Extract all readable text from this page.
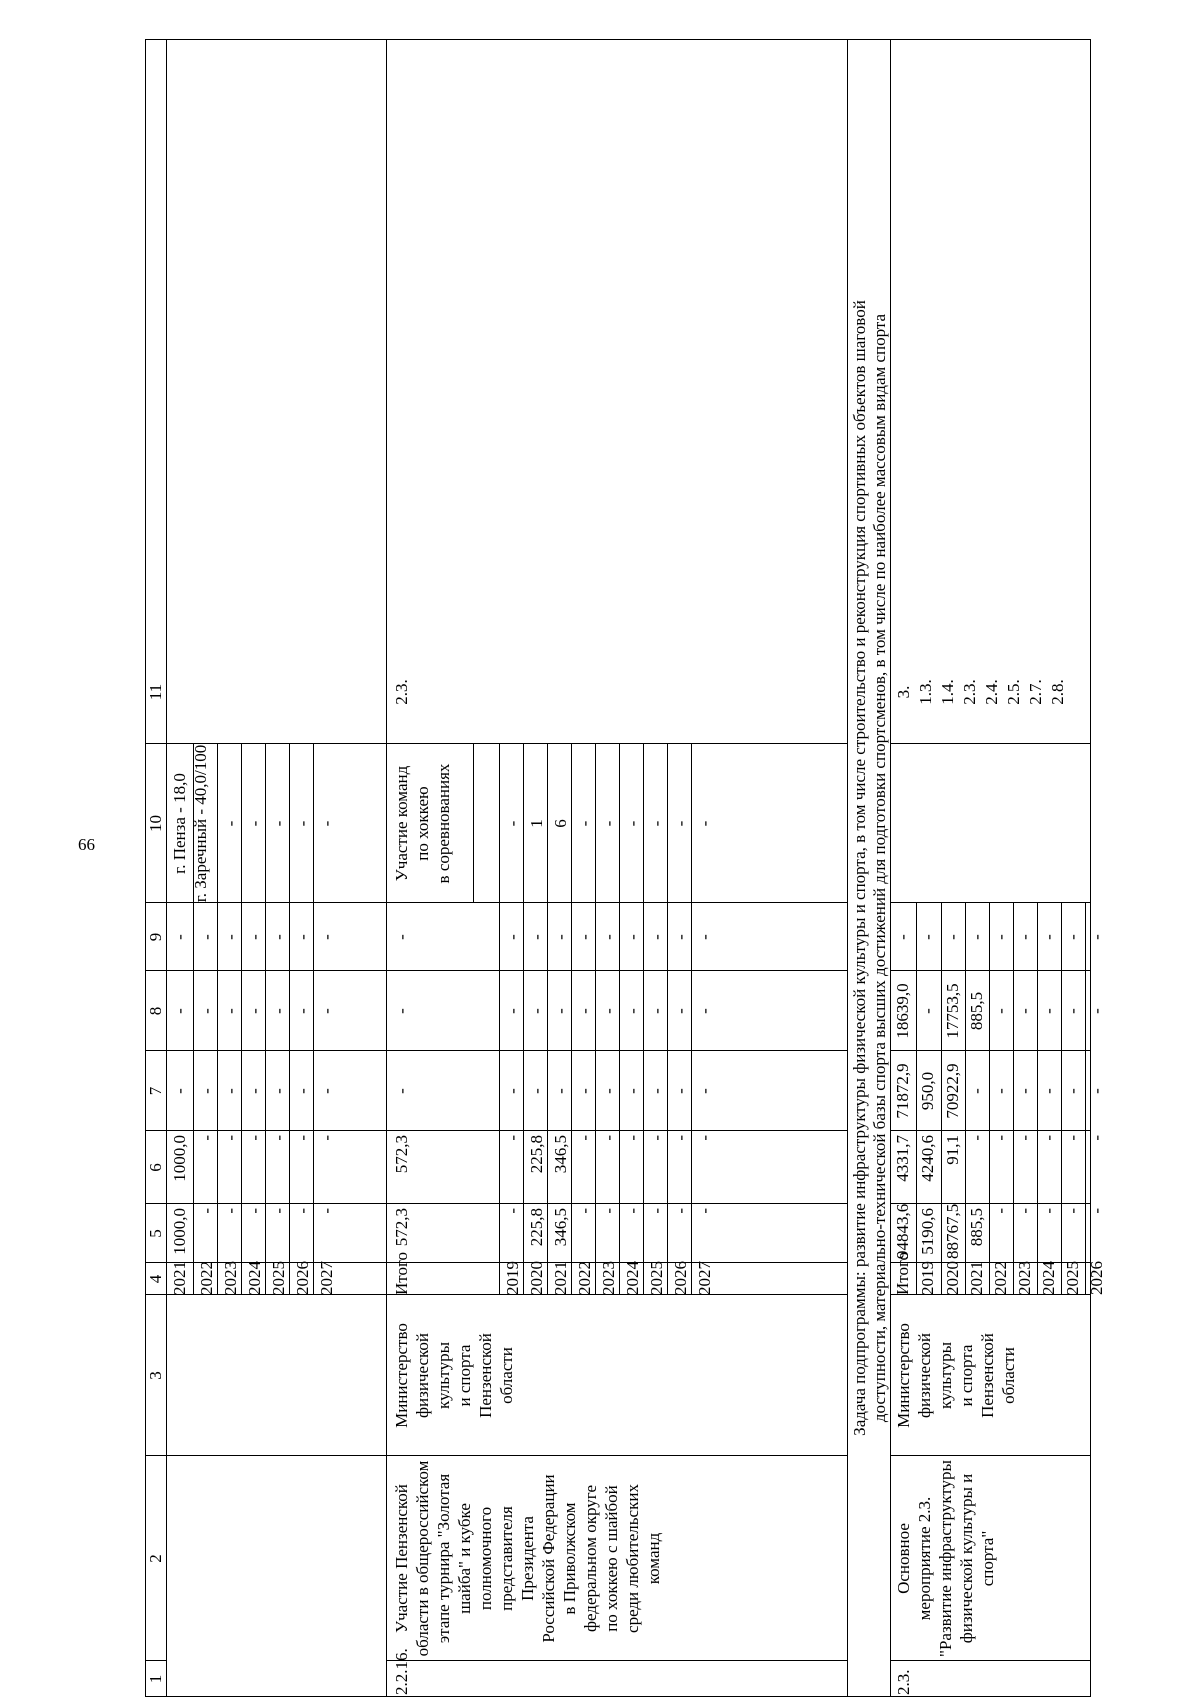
66
1
2
3
4
5
6
7
8
9
10
11
2021
1000,0
1000,0
-
-
-
2022
-
-
-
-
-
2023
-
-
-
-
-
2024
-
-
-
-
-
2025
-
-
-
-
-
2026
-
-
-
-
-
2027
-
-
-
-
-
г. Пенза - 18,0 г. Заречный - 40,0/100 - - - - -
Итого
572,3
572,3
-
-
-
2019
-
-
-
-
-
2020
225,8
225,8
-
-
-
2021
346,5
346,5
-
-
-
2022
-
-
-
-
-
2023
-
-
-
-
-
2024
-
-
-
-
-
2025
-
-
-
-
-
2026
-
-
-
-
-
2027
-
-
-
-
-
2.2.16.
Участие Пензенской области в общероссийском этапе турнира "Золотая шайба" и кубке полномочного представителя Президента Российской Федерации в Приволжском федеральном округе по хоккею с шайбой среди любительских команд
Министерство физической культуры и спорта Пензенской области
Участие команд по хоккею в соревнованиях	- 1 6 - - - - - -
2.3.	Задача подпрограммы: развитие инфраструктуры физической культуры и спорта, в том числе строительство и реконструкция спортивных объектов шаговой доступности, материально-технической базы спорта высших достижений для подготовки спортсменов, в том числе по наиболее массовым видам спорта Итого
94843,6
4331,7
71872,9
18639,0
-
2019
5190,6
4240,6
950,0
-
-
2020
88767,5
91,1
70922,9
17753,5
-
2021
885,5
-
-
885,5
-
2022
-
-
-
-
-
2023
-
-
-
-
-
2024
-
-
-
-
-
2025
-
-
-
-
-
2026
-
-
-
-
-
2.3.
Основное мероприятие 2.3. "Развитие инфраструктуры физической культуры и спорта"
Министерство физической культуры и спорта Пензенской области
3. 1.3. 1.4. 2.3. 2.4. 2.5. 2.7. 2.8.
